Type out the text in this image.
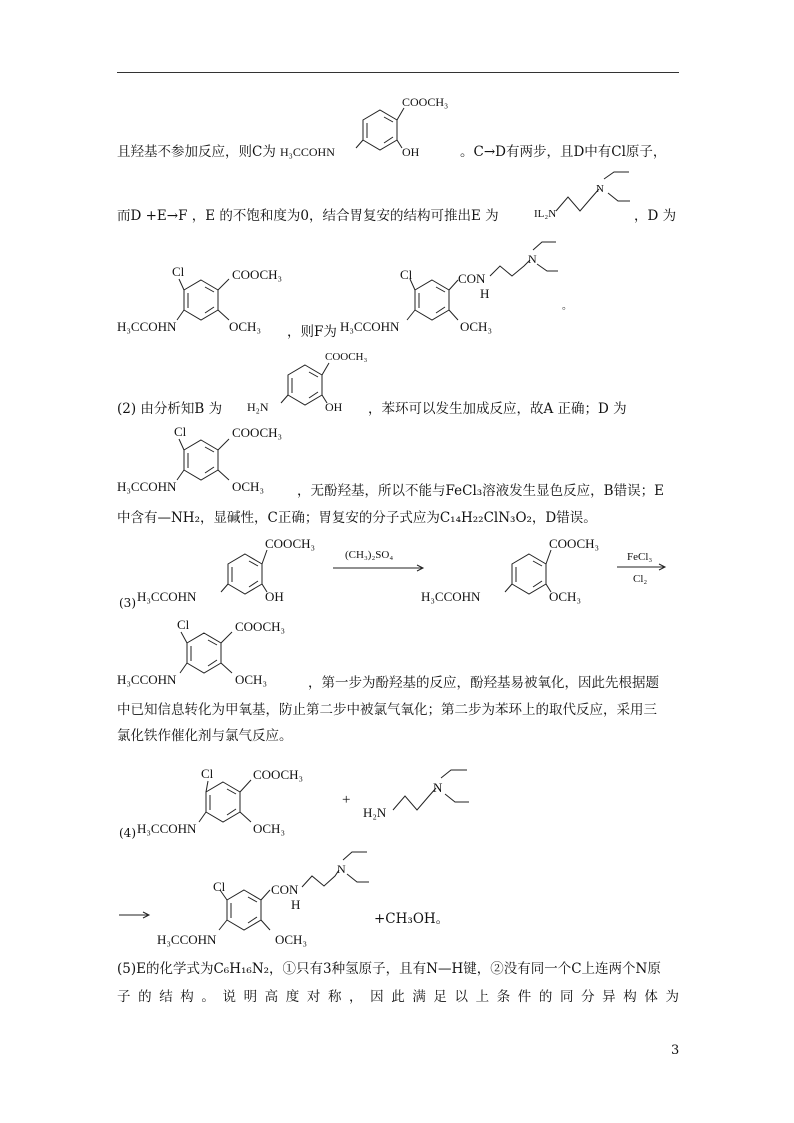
且羟基不参加反应，则C为
COOCH₃
H₃CCOHN	OH	。C→D有两步，且D中有Cl原子，
而D +E→F ，E 的不饱和度为0，结合胃复安的结构可推出E 为	IL₂N
N
，D 为
Cl	COOCH₃
H₃CCOHN	OCH₃ ，则F为
Cl	CON
H
N
H₃CCOHN	OCH₃
。
(2) 由分析知B 为
COOCH₃
H₂N	OH ，苯环可以发生加成反应，故A 正确；D 为
Cl	COOCH₃
H₃CCOHN	OCH₃ ，无酚羟基，所以不能与FeCl₃溶液发生显色反应，B错误；E
中含有—NH₂，显碱性，C正确；胃复安的分子式应为C₁₄H₂₂ClN₃O₂，D错误。
(3)
COOCH₃
H₃CCOHN	OH
(CH₃)₂SO₄
COOCH₃
H₃CCOHN	OCH₃
FeCl₃
Cl₂
Cl	COOCH₃
H₃CCOHN	OCH₃	，第一步为酚羟基的反应，酚羟基易被氧化，因此先根据题
中已知信息转化为甲氧基，防止第二步中被氯气氧化；第二步为苯环上的取代反应，采用三
氯化铁作催化剂与氯气反应。
(4)
Cl	COOCH₃
H₃CCOHN	OCH₃
+
H₂N
N
Cl	CON
H
N
H₃CCOHN	OCH₃
+CH₃OH。
(5)E的化学式为C₆H₁₆N₂，①只有3种氢原子，且有N—H键，②没有同一个C上连两个N原
子 的 结 构 。 说 明 高 度 对 称 ， 因 此 满 足 以 上 条 件 的 同 分 异 构 体 为
3
